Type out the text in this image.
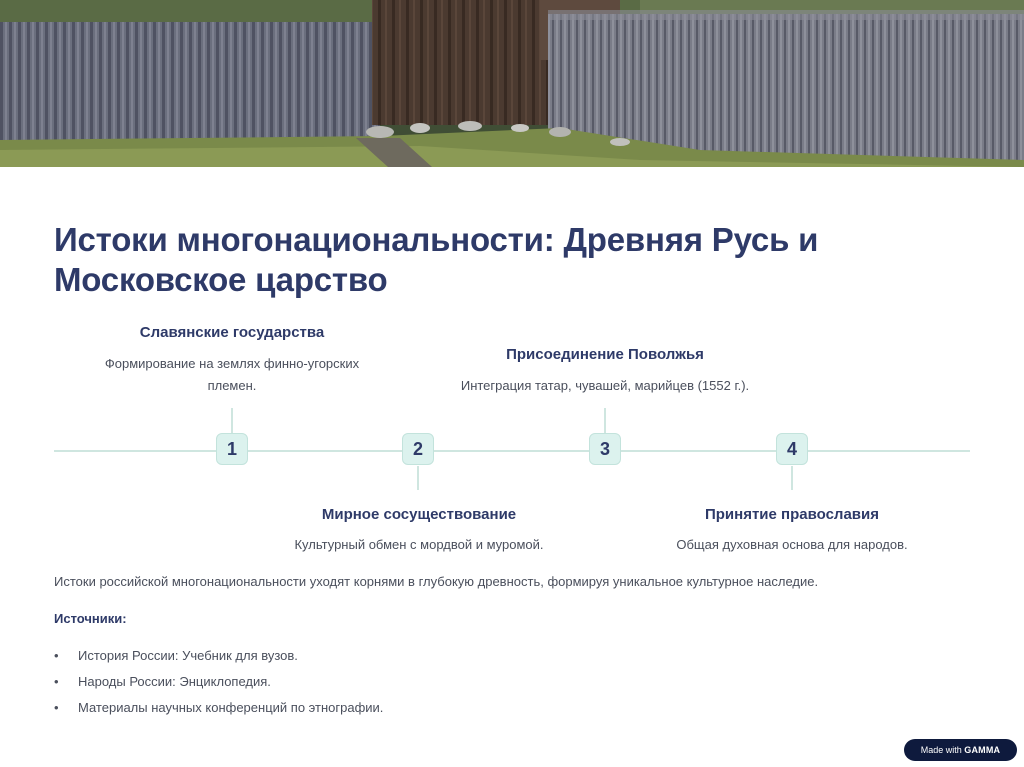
Истоки многонациональности: Древняя Русь и Московское царство
Славянские государства
Формирование на землях финно-угорских племен.
1	2
Мирное сосуществование
Культурный обмен с мордвой и муромой.
Присоединение Поволжья
Интеграция татар, чувашей, марийцев (1552 г.).
3	4
Принятие православия
Общая духовная основа для народов.

Истоки российской многонациональности уходят корнями в глубокую древность, формируя уникальное культурное наследие.

Источники:
• История России: Учебник для вузов.
• Народы России: Энциклопедия.
• Материалы научных конференций по этнографии.
Made with GAMMA
